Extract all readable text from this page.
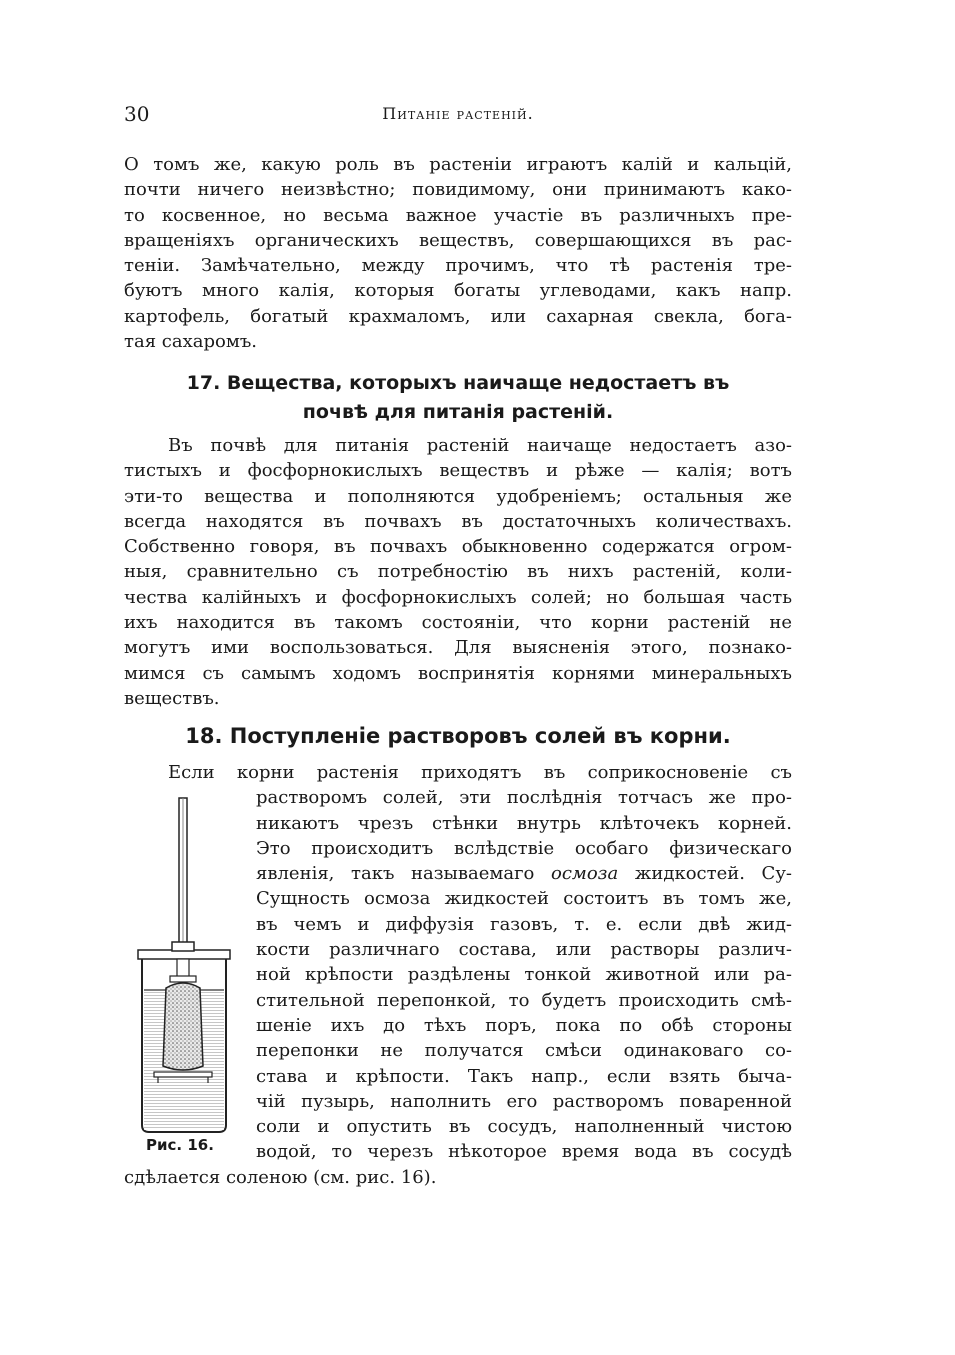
30	Питаніе растеній.
О томъ же, какую роль въ растеніи играютъ калій и кальцій,
почти ничего неизвѣстно; повидимому, они принимаютъ како-
то косвенное, но весьма важное участіе въ различныхъ пре-
вращеніяхъ органическихъ веществъ, совершающихся въ рас-
теніи. Замѣчательно, между прочимъ, что тѣ растенія тре-
буютъ много калія, которыя богаты углеводами, какъ напр.
картофель, богатый крахмаломъ, или сахарная свекла, бога-
тая сахаромъ.
17. Вещества, которыхъ наичаще недостаетъ въ
почвѣ для питанія растеній.
Въ почвѣ для питанія растеній наичаще недостаетъ азо-
тистыхъ и фосфорнокислыхъ веществъ и рѣже — калія; вотъ
эти-то вещества и пополняются удобреніемъ; остальныя же
всегда находятся въ почвахъ въ достаточныхъ количествахъ.
Собственно говоря, въ почвахъ обыкновенно содержатся огром-
ныя, сравнительно съ потребностію въ нихъ растеній, коли-
чества калійныхъ и фосфорнокислыхъ солей; но большая часть
ихъ находится въ такомъ состояніи, что корни растеній не
могутъ ими воспользоваться. Для выясненія этого, познако-
мимся съ самымъ ходомъ воспринятія корнями минеральныхъ
веществъ.
18. Поступленіе растворовъ солей въ корни.
Если корни растенія приходятъ въ соприкосновеніе съ
растворомъ солей, эти послѣднія тотчасъ же про-
никаютъ чрезъ стѣнки внутрь клѣточекъ корней.
Это происходитъ вслѣдствіе особаго физическаго
явленія, такъ называемаго осмоза жидкостей. Су-
Сущность осмоза жидкостей состоитъ въ томъ же,
въ чемъ и диффузія газовъ, т. е. если двѣ жид-
кости различнаго состава, или растворы различ-
ной крѣпости раздѣлены тонкой животной или ра-
стительной перепонкой, то будетъ происходить смѣ-
шеніе ихъ до тѣхъ поръ, пока по обѣ стороны
перепонки не получатся смѣси одинаковаго со-
става и крѣпости. Такъ напр., если взять быча-
чій пузырь, наполнить его растворомъ поваренной
соли и опустить въ сосудъ, наполненный чистою
водой, то черезъ нѣкоторое время вода въ сосудѣ
сдѣлается соленою (см. рис. 16).
Рис. 16.
